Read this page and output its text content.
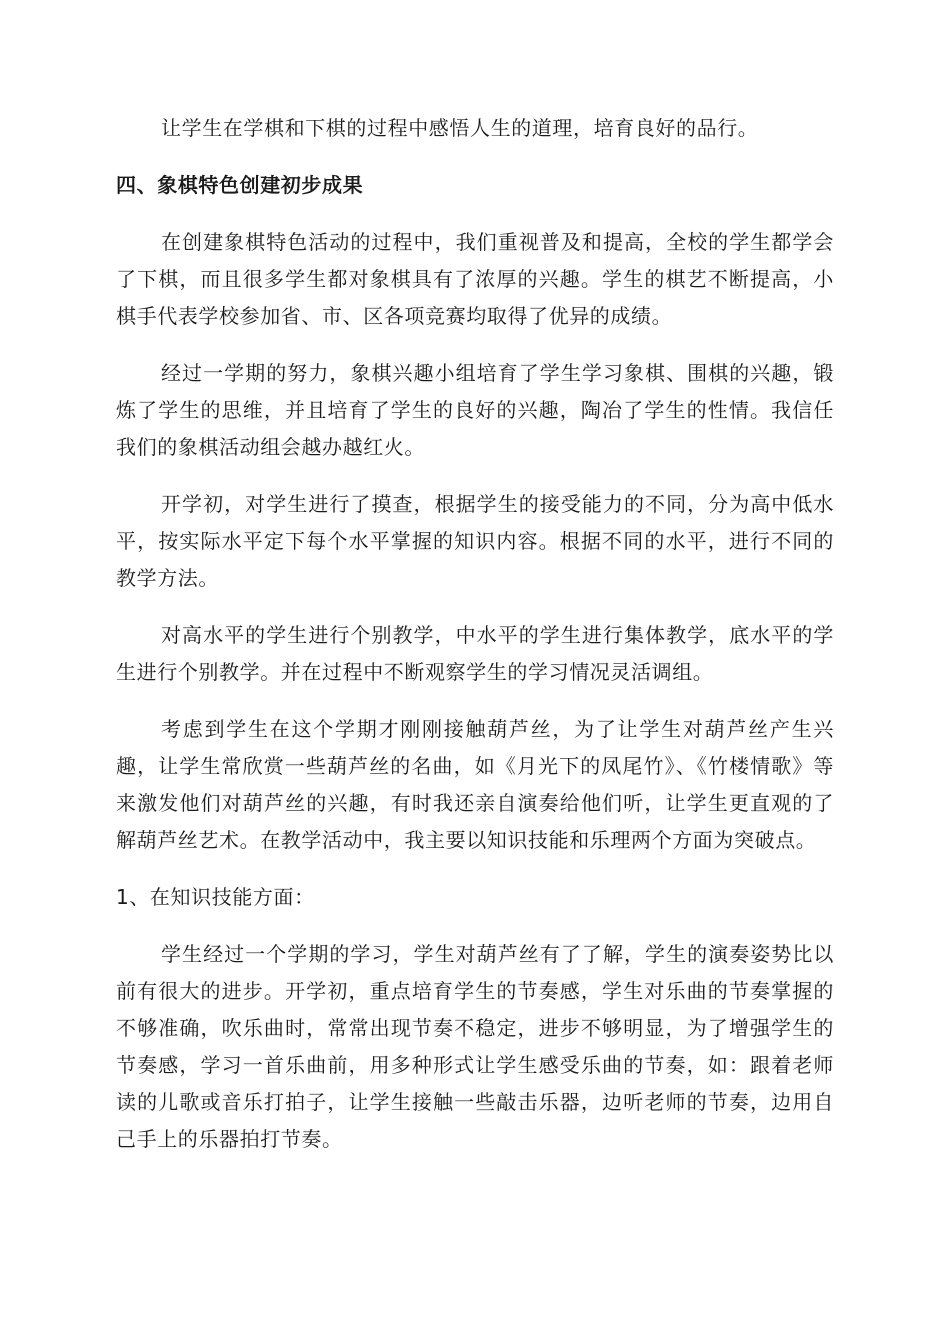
让学生在学棋和下棋的过程中感悟人生的道理，培育良好的品行。

四、象棋特色创建初步成果

在创建象棋特色活动的过程中，我们重视普及和提高，全校的学生都学会了下棋，而且很多学生都对象棋具有了浓厚的兴趣。学生的棋艺不断提高，小棋手代表学校参加省、市、区各项竞赛均取得了优异的成绩。

经过一学期的努力，象棋兴趣小组培育了学生学习象棋、围棋的兴趣，锻炼了学生的思维，并且培育了学生的良好的兴趣，陶冶了学生的性情。我信任我们的象棋活动组会越办越红火。

开学初，对学生进行了摸查，根据学生的接受能力的不同，分为高中低水平，按实际水平定下每个水平掌握的知识内容。根据不同的水平，进行不同的教学方法。

对高水平的学生进行个别教学，中水平的学生进行集体教学，底水平的学生进行个别教学。并在过程中不断观察学生的学习情况灵活调组。

考虑到学生在这个学期才刚刚接触葫芦丝，为了让学生对葫芦丝产生兴趣，让学生常欣赏一些葫芦丝的名曲，如《月光下的凤尾竹》、《竹楼情歌》等来激发他们对葫芦丝的兴趣，有时我还亲自演奏给他们听，让学生更直观的了解葫芦丝艺术。在教学活动中，我主要以知识技能和乐理两个方面为突破点。

1、在知识技能方面：

学生经过一个学期的学习，学生对葫芦丝有了了解，学生的演奏姿势比以前有很大的进步。开学初，重点培育学生的节奏感，学生对乐曲的节奏掌握的不够准确，吹乐曲时，常常出现节奏不稳定，进步不够明显，为了增强学生的节奏感，学习一首乐曲前，用多种形式让学生感受乐曲的节奏，如：跟着老师读的儿歌或音乐打拍子，让学生接触一些敲击乐器，边听老师的节奏，边用自己手上的乐器拍打节奏。
